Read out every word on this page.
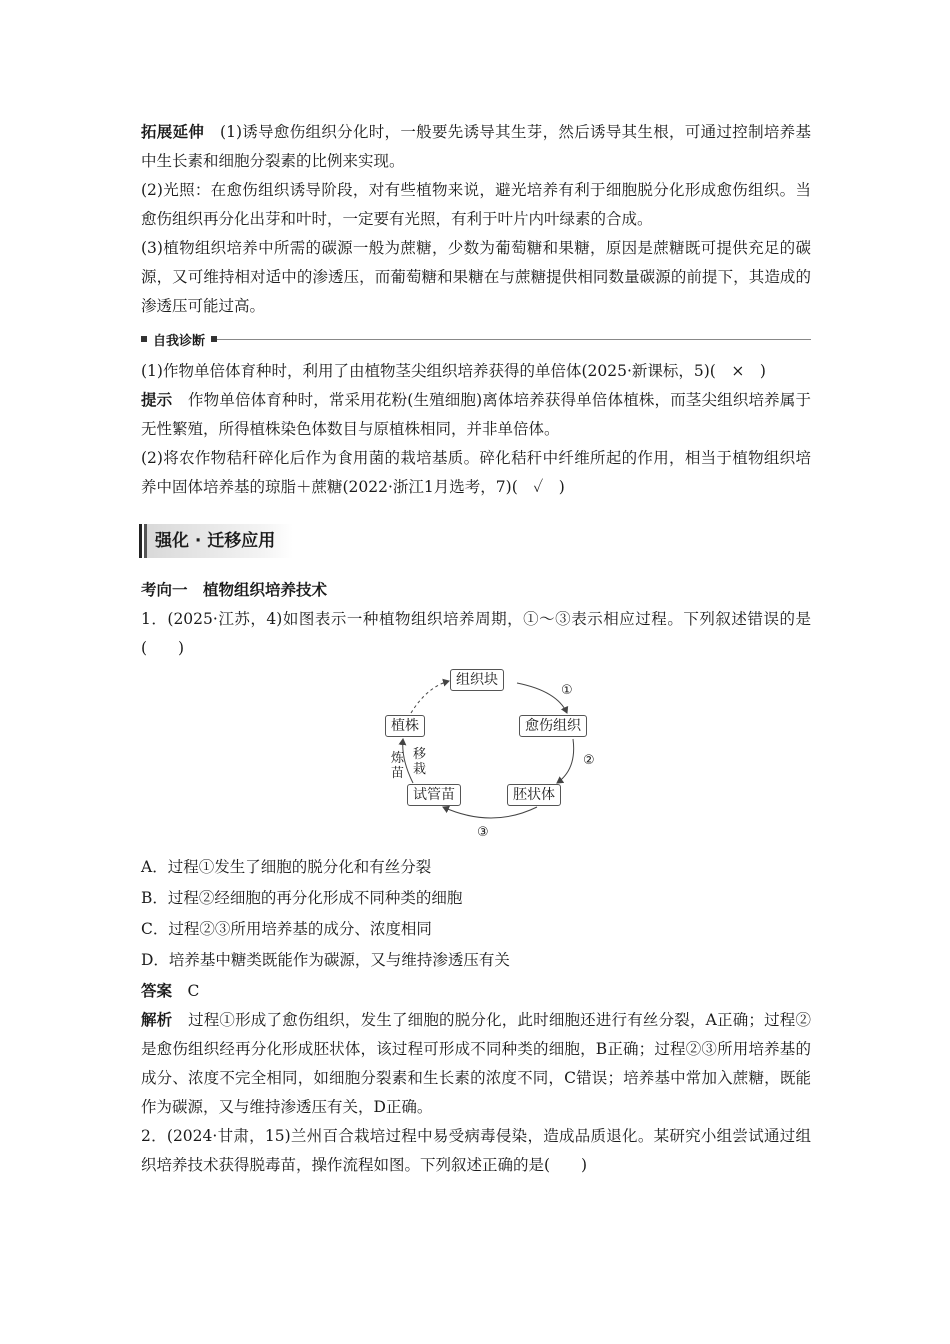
拓展延伸　 (1)诱导愈伤组织分化时，一般要先诱导其生芽，然后诱导其生根，可通过控制培养基中生长素和细胞分裂素的比例来实现。

(2)光照：在愈伤组织诱导阶段，对有些植物来说，避光培养有利于细胞脱分化形成愈伤组织。当愈伤组织再分化出芽和叶时，一定要有光照，有利于叶片内叶绿素的合成。

(3)植物组织培养中所需的碳源一般为蔗糖，少数为葡萄糖和果糖，原因是蔗糖既可提供充足的碳源，又可维持相对适中的渗透压，而葡萄糖和果糖在与蔗糖提供相同数量碳源的前提下，其造成的渗透压可能过高。

自我诊断

(1)作物单倍体育种时，利用了由植物茎尖组织培养获得的单倍体(2025·新课标，5)(　×　)

提示　 作物单倍体育种时，常采用花粉(生殖细胞)离体培养获得单倍体植株，而茎尖组织培养属于无性繁殖，所得植株染色体数目与原植株相同，并非单倍体。

(2)将农作物秸秆碎化后作为食用菌的栽培基质。碎化秸秆中纤维所起的作用，相当于植物组织培养中固体培养基的琼脂＋蔗糖(2022·浙江1月选考，7)(　✓　)

强化 · 迁移应用

考向一　植物组织培养技术

1．(2025·江苏，4)如图表示一种植物组织培养周期，①～③表示相应过程。下列叙述错误的是(　　)

组织块
愈伤组织
胚状体
试管苗
植株
①
②
③
移栽
炼苗

A．过程①发生了细胞的脱分化和有丝分裂

B．过程②经细胞的再分化形成不同种类的细胞

C．过程②③所用培养基的成分、浓度相同

D．培养基中糖类既能作为碳源，又与维持渗透压有关

答案　 C

解析　 过程①形成了愈伤组织，发生了细胞的脱分化，此时细胞还进行有丝分裂，A正确；过程②是愈伤组织经再分化形成胚状体，该过程可形成不同种类的细胞，B正确；过程②③所用培养基的成分、浓度不完全相同，如细胞分裂素和生长素的浓度不同，C错误；培养基中常加入蔗糖，既能作为碳源，又与维持渗透压有关，D正确。

2．(2024·甘肃，15)兰州百合栽培过程中易受病毒侵染，造成品质退化。某研究小组尝试通过组织培养技术获得脱毒苗，操作流程如图。下列叙述正确的是(　　)
